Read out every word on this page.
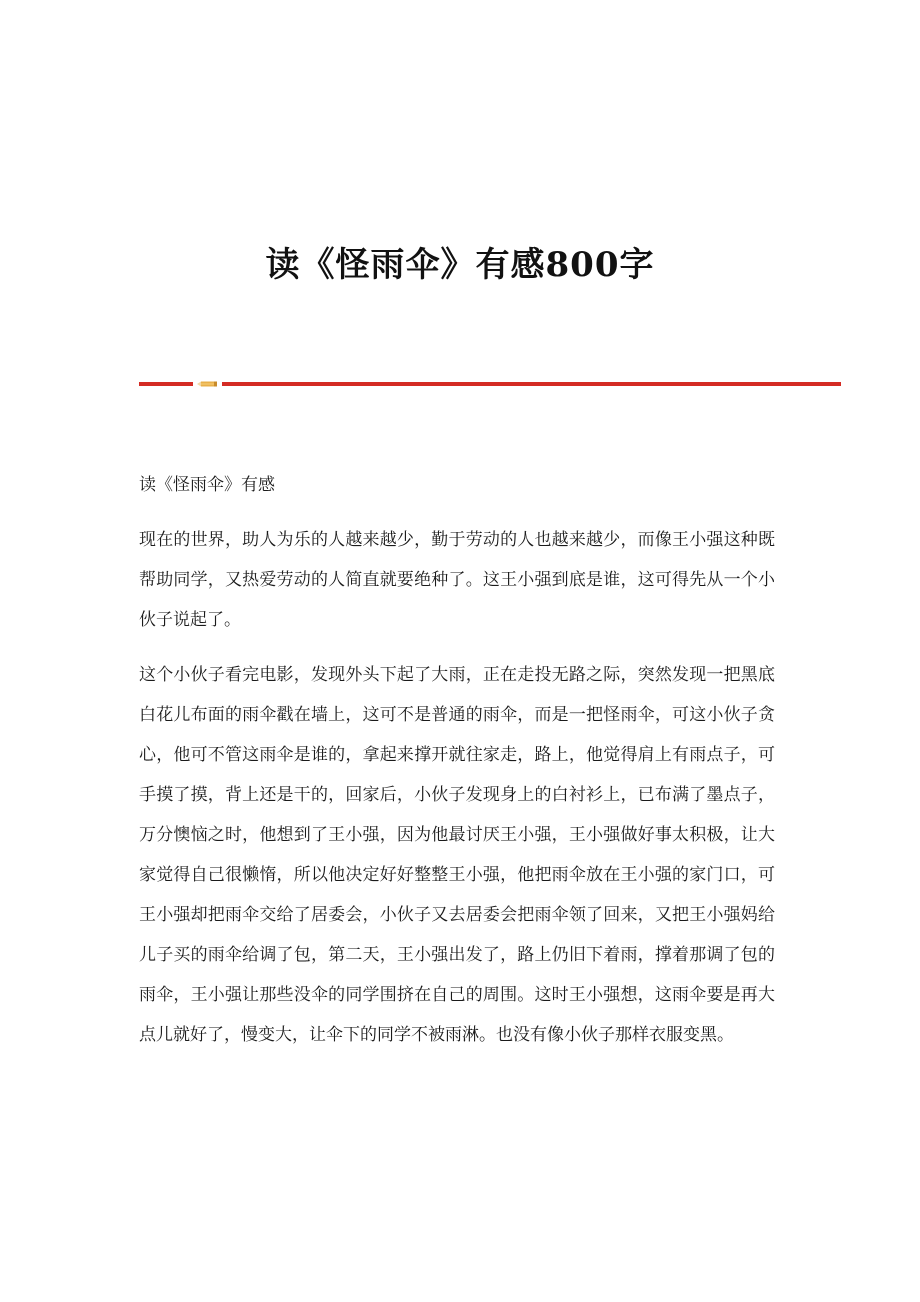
读《怪雨伞》有感800字

读《怪雨伞》有感

现在的世界，助人为乐的人越来越少，勤于劳动的人也越来越少，而像王小强这种既帮助同学，又热爱劳动的人简直就要绝种了。这王小强到底是谁，这可得先从一个小伙子说起了。

这个小伙子看完电影，发现外头下起了大雨，正在走投无路之际，突然发现一把黑底白花儿布面的雨伞戳在墙上，这可不是普通的雨伞，而是一把怪雨伞，可这小伙子贪心，他可不管这雨伞是谁的，拿起来撑开就往家走，路上，他觉得肩上有雨点子，可手摸了摸，背上还是干的，回家后，小伙子发现身上的白衬衫上，已布满了墨点子，万分懊恼之时，他想到了王小强，因为他最讨厌王小强，王小强做好事太积极，让大家觉得自己很懒惰，所以他决定好好整整王小强，他把雨伞放在王小强的家门口，可王小强却把雨伞交给了居委会，小伙子又去居委会把雨伞领了回来，又把王小强妈给儿子买的雨伞给调了包，第二天，王小强出发了，路上仍旧下着雨，撑着那调了包的雨伞，王小强让那些没伞的同学围挤在自己的周围。这时王小强想，这雨伞要是再大点儿就好了，慢变大，让伞下的同学不被雨淋。也没有像小伙子那样衣服变黑。
